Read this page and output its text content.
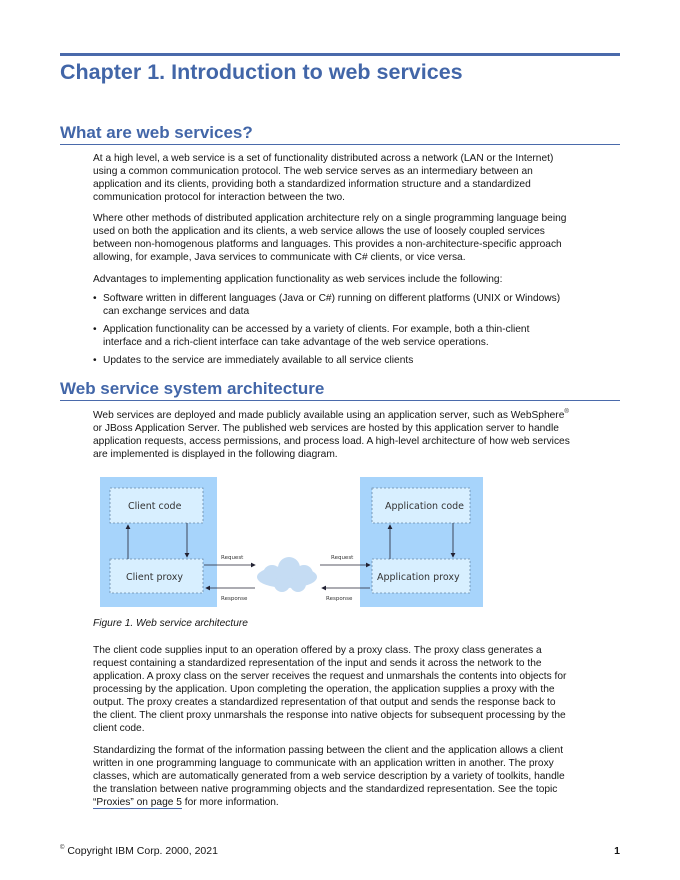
Chapter 1. Introduction to web services
What are web services?
At a high level, a web service is a set of functionality distributed across a network (LAN or the Internet)
using a common communication protocol. The web service serves as an intermediary between an
application and its clients, providing both a standardized information structure and a standardized
communication protocol for interaction between the two.
Where other methods of distributed application architecture rely on a single programming language being
used on both the application and its clients, a web service allows the use of loosely coupled services
between non-homogenous platforms and languages. This provides a non-architecture-specific approach
allowing, for example, Java services to communicate with C# clients, or vice versa.
Advantages to implementing application functionality as web services include the following:
• Software written in different languages (Java or C#) running on different platforms (UNIX or Windows)
can exchange services and data
• Application functionality can be accessed by a variety of clients. For example, both a thin-client
interface and a rich-client interface can take advantage of the web service operations.
• Updates to the service are immediately available to all service clients
Web service system architecture
Web services are deployed and made publicly available using an application server, such as WebSphere®
or JBoss Application Server. The published web services are hosted by this application server to handle
application requests, access permissions, and process load. A high-level architecture of how web services
are implemented is displayed in the following diagram.
Client code
Client proxy
Application code
Application proxy
Request
Response
Request
Response
Figure 1. Web service architecture
The client code supplies input to an operation offered by a proxy class. The proxy class generates a
request containing a standardized representation of the input and sends it across the network to the
application. A proxy class on the server receives the request and unmarshals the contents into objects for
processing by the application. Upon completing the operation, the application supplies a proxy with the
output. The proxy creates a standardized representation of that output and sends the response back to
the client. The client proxy unmarshals the response into native objects for subsequent processing by the
client code.
Standardizing the format of the information passing between the client and the application allows a client
written in one programming language to communicate with an application written in another. The proxy
classes, which are automatically generated from a web service description by a variety of toolkits, handle
the translation between native programming objects and the standardized representation. See the topic
“Proxies” on page 5 for more information.
© Copyright IBM Corp. 2000, 2021	1
